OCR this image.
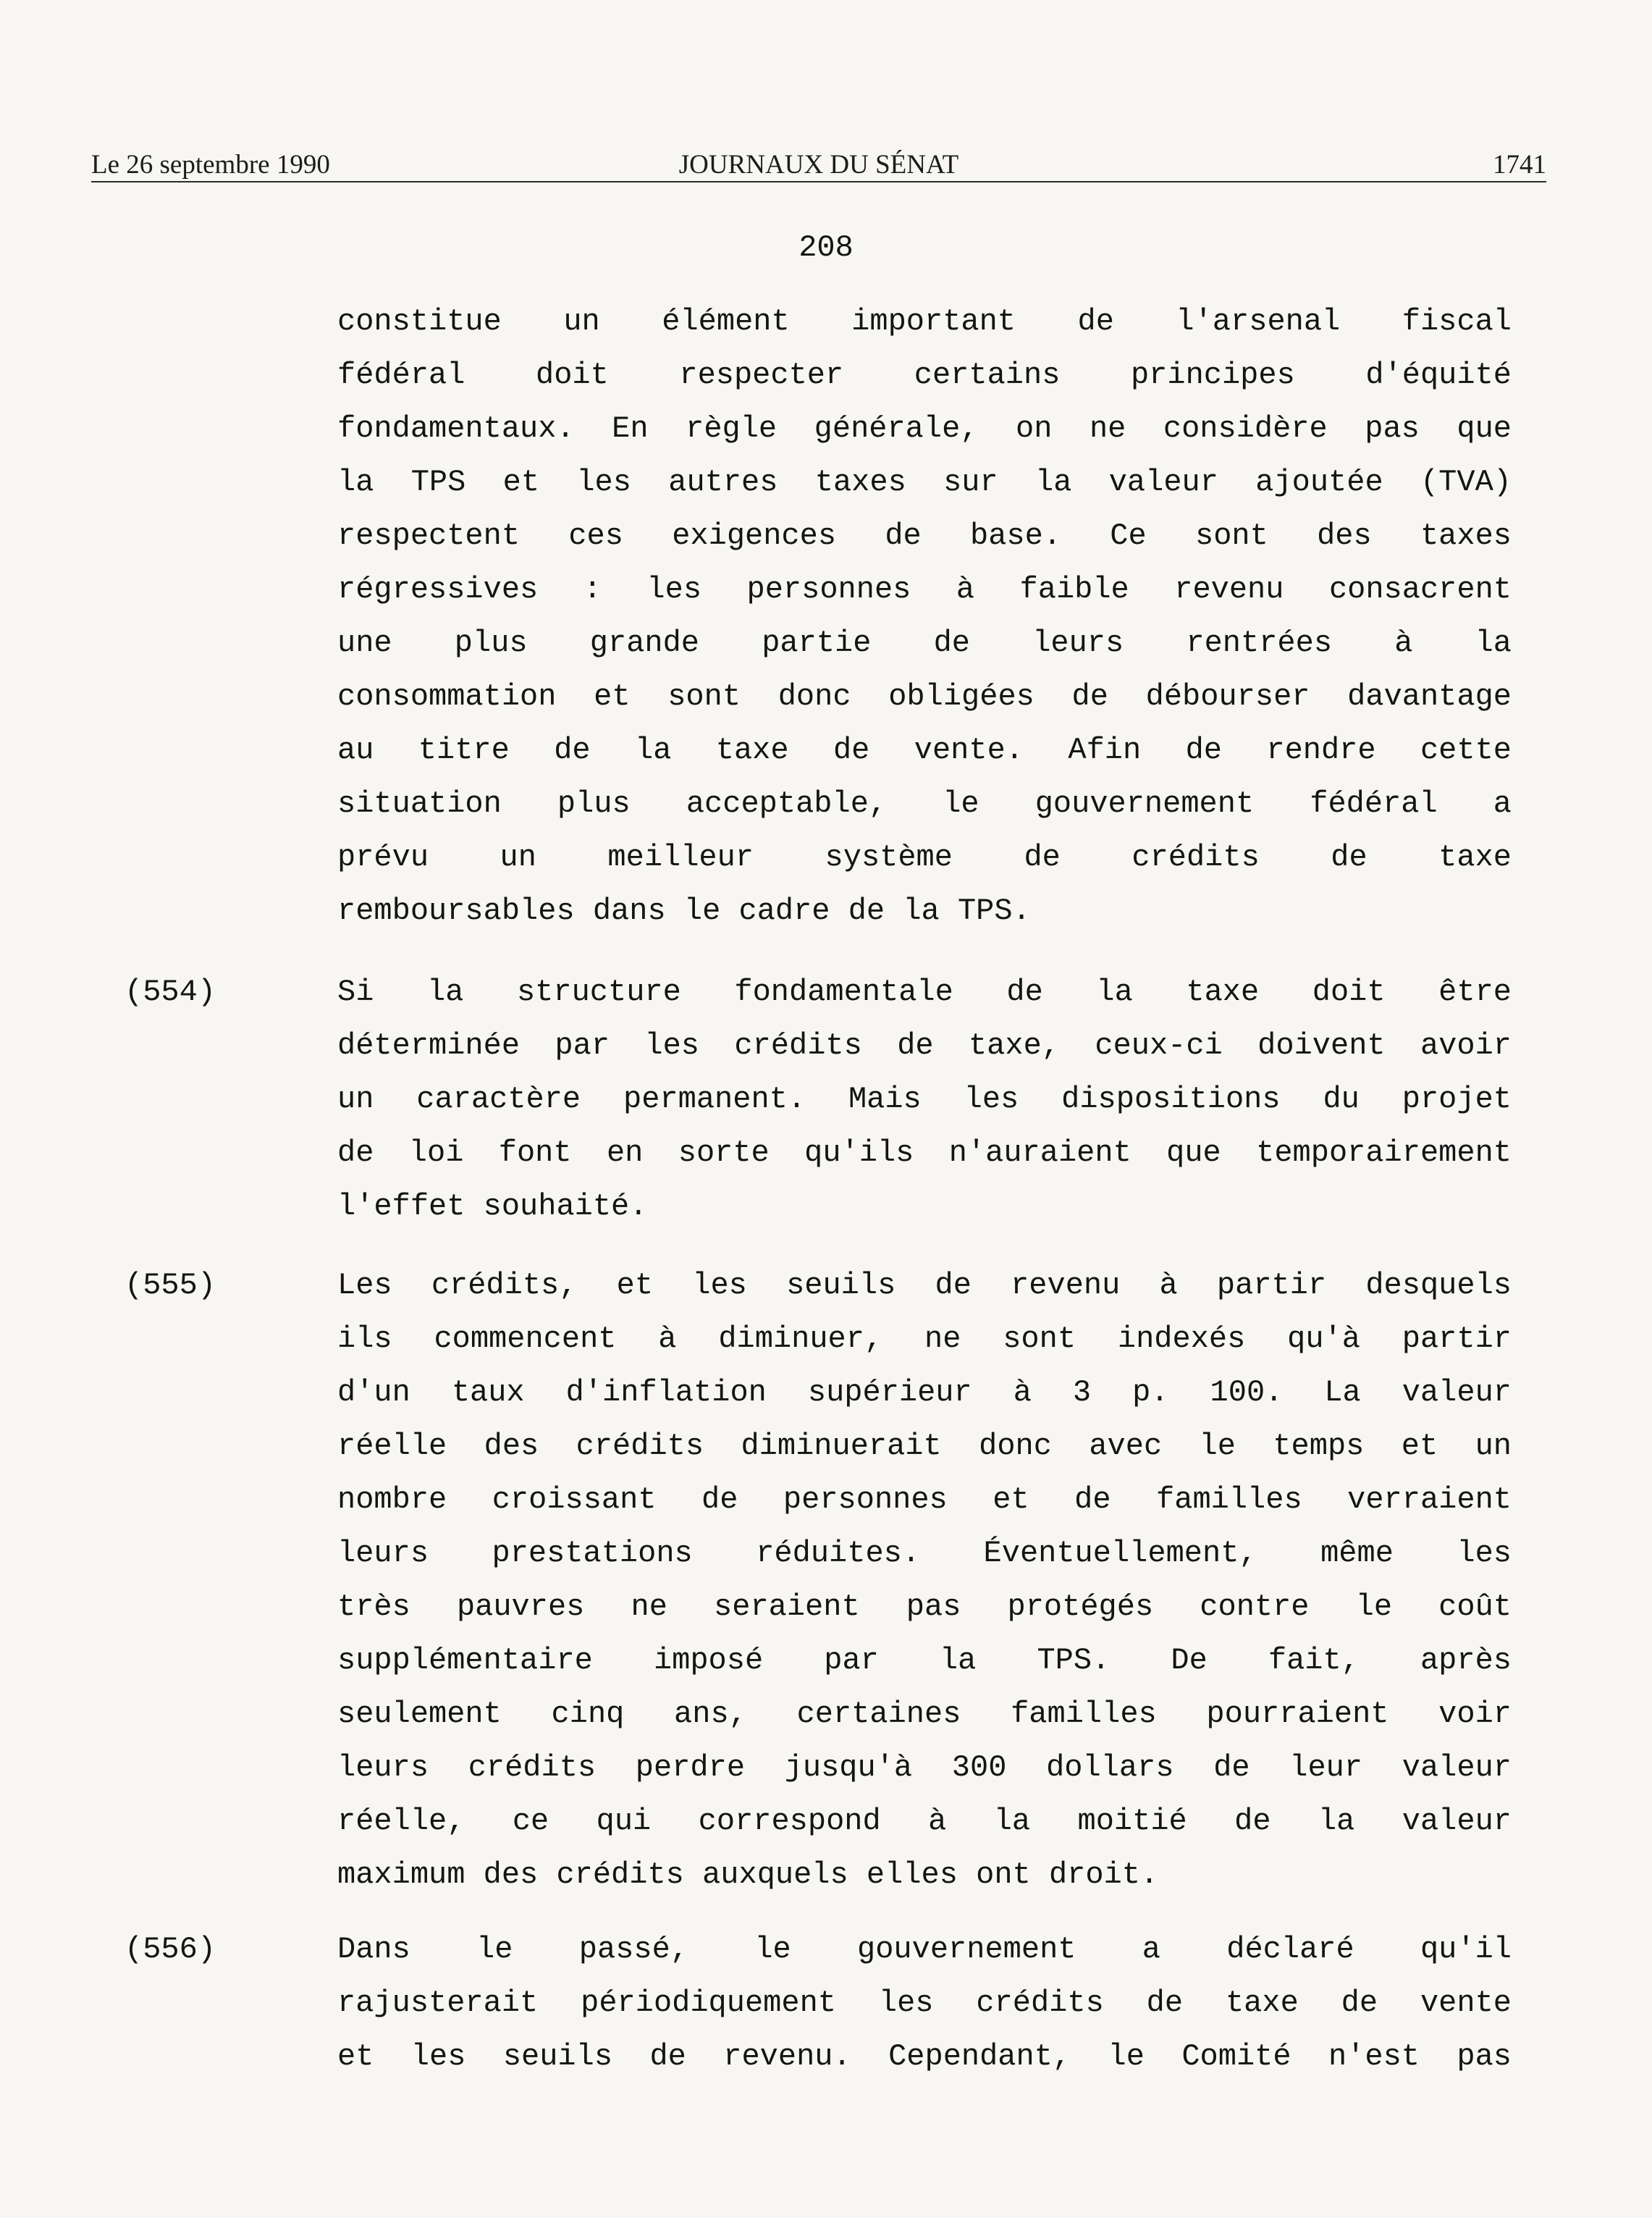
Le 26 septembre 1990	JOURNAUX DU SÉNAT	1741
208
constitue un élément important de l'arsenal fiscal
fédéral doit respecter certains principes d'équité
fondamentaux. En règle générale, on ne considère pas que
la TPS et les autres taxes sur la valeur ajoutée (TVA)
respectent ces exigences de base. Ce sont des taxes
régressives : les personnes à faible revenu consacrent
une plus grande partie de leurs rentrées à la
consommation et sont donc obligées de débourser davantage
au titre de la taxe de vente. Afin de rendre cette
situation plus acceptable, le gouvernement fédéral a
prévu un meilleur système de crédits de taxe
remboursables dans le cadre de la TPS.
(554)	Si la structure fondamentale de la taxe doit être
déterminée par les crédits de taxe, ceux-ci doivent avoir
un caractère permanent. Mais les dispositions du projet
de loi font en sorte qu'ils n'auraient que temporairement
l'effet souhaité.
(555)	Les crédits, et les seuils de revenu à partir desquels
ils commencent à diminuer, ne sont indexés qu'à partir
d'un taux d'inflation supérieur à 3 p. 100. La valeur
réelle des crédits diminuerait donc avec le temps et un
nombre croissant de personnes et de familles verraient
leurs prestations réduites. Éventuellement, même les
très pauvres ne seraient pas protégés contre le coût
supplémentaire imposé par la TPS. De fait, après
seulement cinq ans, certaines familles pourraient voir
leurs crédits perdre jusqu'à 300 dollars de leur valeur
réelle, ce qui correspond à la moitié de la valeur
maximum des crédits auxquels elles ont droit.
(556)	Dans le passé, le gouvernement a déclaré qu'il
rajusterait périodiquement les crédits de taxe de vente
et les seuils de revenu. Cependant, le Comité n'est pas
